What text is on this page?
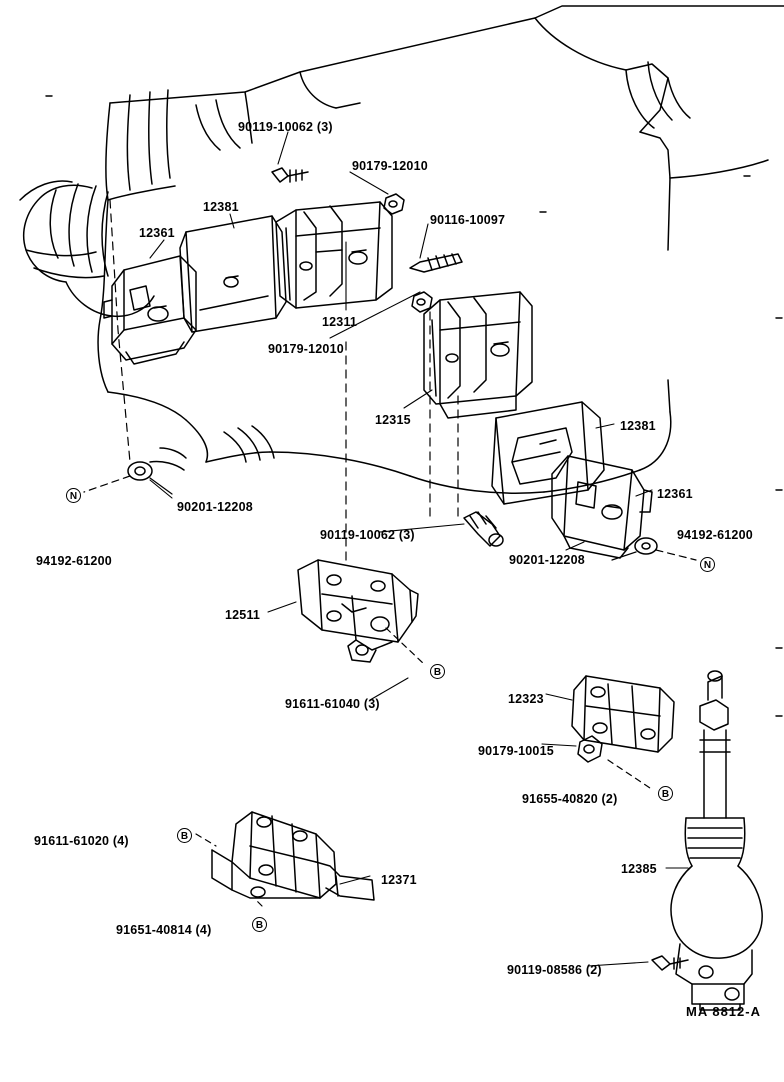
90119-10062 (3)
90179-12010
90116-10097
12381
12361
12311
90179-12010
12315	12381
12361
90201-12208
94192-61200
94192-61200
90119-10062 (3)
90201-12208
12511
91611-61040 (3)	12323
90179-10015
91655-40820 (2)
12385
91611-61020 (4)
12371
91651-40814 (4)
90119-08586 (2)
N
N
B
B
B
B
MA 8812-A
